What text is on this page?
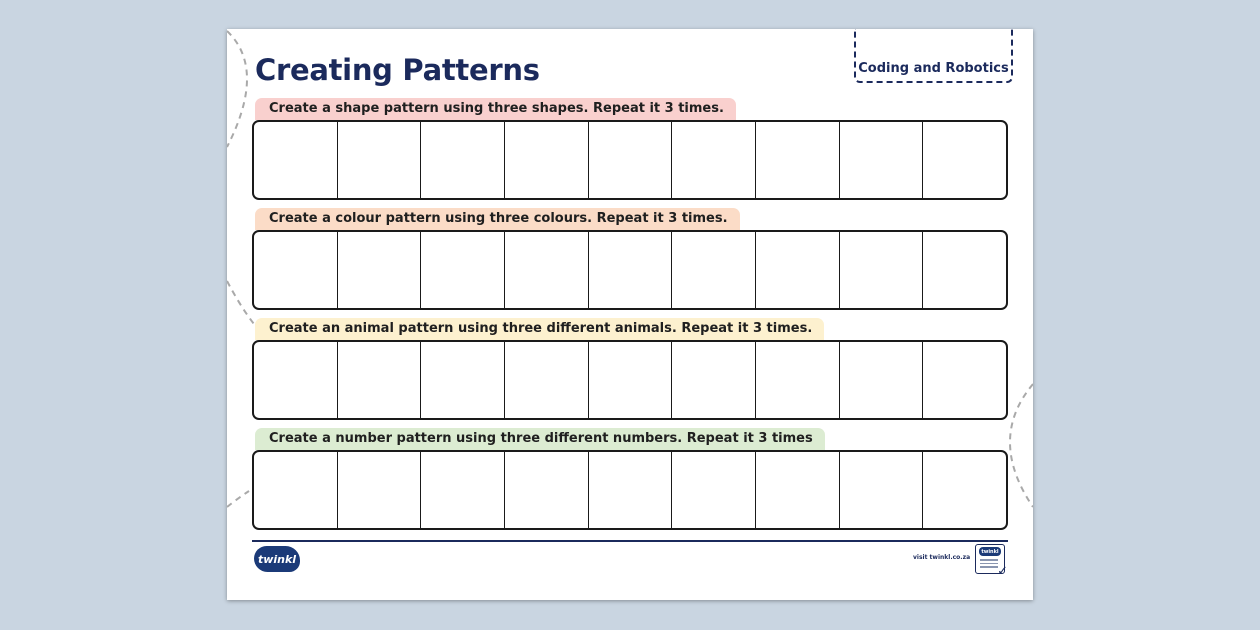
Creating Patterns	Coding and Robotics
Create a shape pattern using three shapes. Repeat it 3 times.
Create a colour pattern using three colours. Repeat it 3 times.
Create an animal pattern using three different animals. Repeat it 3 times.
Create a number pattern using three different numbers. Repeat it 3 times
twinkl	visit twinkl.co.za
twinkl
✓
